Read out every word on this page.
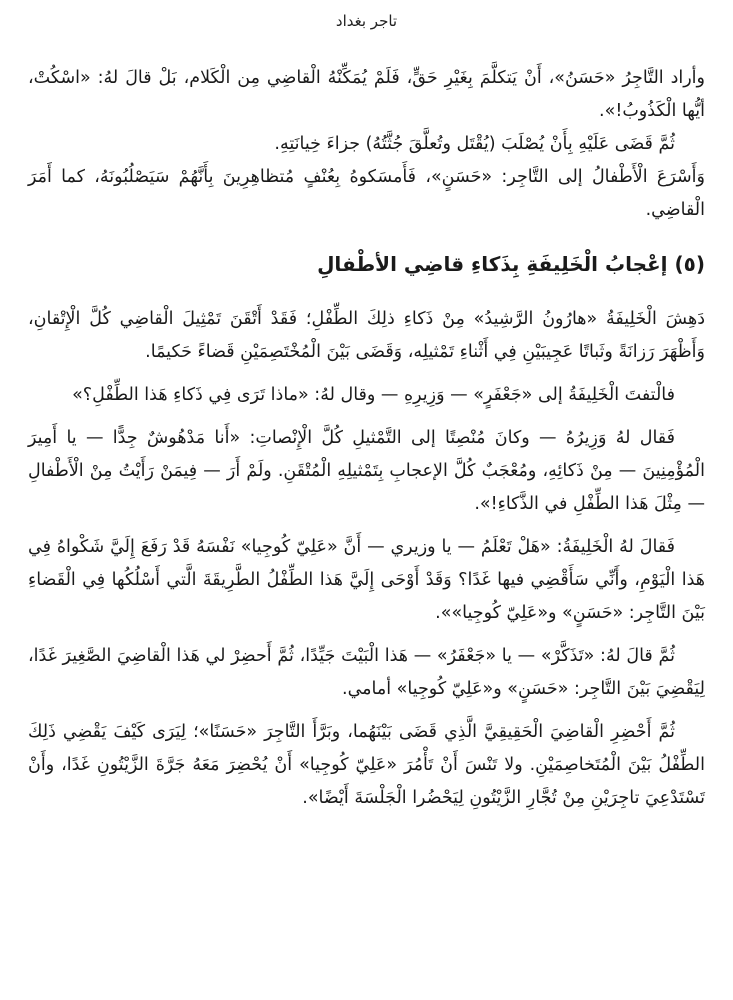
تاجر بغداد

وأراد التَّاجِرُ «حَسَنُ»، أَنْ يَتكلَّمَ بِغَيْرِ حَقٍّ، فَلَمْ يُمَكِّنْهُ الْقاضِي مِن الْكَلام، بَلْ قالَ لهُ: «اسْكُتْ، أيُّها الْكَذُوبُ!».

ثُمَّ قَضَى عَلَيْهِ بِأَنْ يُصْلَبَ (يُقْتَل وتُعلَّقَ جُثَّتُهُ) جزاءَ خِيانَتِهِ.

وَأَسْرَعَ الْأَطْفالُ إلى التَّاجِر: «حَسَنٍ»، فَأَمسَكوهُ بِعُنْفٍ مُتظاهِرِينَ بِأَنَّهُمْ سَيَصْلُبُونَهُ، كما أَمَرَ الْقاضِي.

(٥) إعْجابُ الْخَلِيفَةِ بِذَكاءِ قاضِي الأطْفالِ

دَهِشَ الْخَلِيفَةُ «هارُونُ الرَّشِيدُ» مِنْ ذَكاءِ ذلِكَ الطِّفْلِ؛ فَقَدْ أَتْقَنَ تَمْثِيلَ الْقاضِي كُلَّ الْإِتْقانِ، وَأَظْهَرَ رَزانَةً وثَباتًا عَجِيبَيْنِ فِي أَثْناءِ تَمْثيلِه، وَقَضَى بَيْنَ الْمُخْتَصِمَيْنِ قَضاءً حَكيمًا.

فالْتفتَ الْخَلِيفَةُ إلى «جَعْفَرٍ» — وَزِيرِهِ — وقال لهُ: «ماذا تَرَى فِي ذَكاءِ هَذا الطِّفْلِ؟»

فَقال لهُ وَزِيرُهُ — وكانَ مُنْصِتًا إلى التَّمْثيلِ كُلَّ الْإِنْصاتِ: «أَنا مَدْهُوشٌ جِدًّا — يا أَمِيرَ الْمُؤْمِنِينَ — مِنْ ذَكائِهِ، ومُعْجَبٌ كُلَّ الإعجابِ بِتَمْثيلِهِ الْمُتْقَنِ. ولَمْ أَرَ — فِيمَنْ رَأَيْتُ مِنْ الْأَطْفالِ — مِثْلَ هَذا الطِّفْلِ في الذَّكاءِ!».

فَقالَ لهُ الْخَلِيفَةُ: «هَلْ تَعْلَمُ — يا وزيري — أَنَّ «عَلِيّ كُوجِيا» نَفْسَهُ قَدْ رَفَعَ إِلَيَّ شَكْواهُ فِي هَذا الْيَوْمِ، وأَنِّي سَأَقْضِي فيها غَدًا؟ وَقَدْ أَوْحَى إِلَيَّ هَذا الطِّفْلُ الطَّرِيقَةَ الَّتي أَسْلُكُها فِي الْقَضاءِ بَيْنَ التَّاجِر: «حَسَنٍ» و«عَلِيّ كُوجِيا»».

ثُمَّ قالَ لهُ: «تَذَكَّرْ» — يا «جَعْفَرُ» — هَذا الْبَيْتَ جَيِّدًا، ثُمَّ أَحضِرْ لي هَذا الْقاضِيَ الصَّغِيرَ غَدًا، لِيَقْضِيَ بَيْنَ التَّاجِر: «حَسَنٍ» و«عَلِيّ كُوجِيا» أمامي.

ثُمَّ أَحْضِرِ الْقاضِيَ الْحَقِيقِيَّ الَّذِي قَضَى بَيْنَهُما، وبَرَّأَ التَّاجِرَ «حَسَنًا»؛ لِيَرَى كَيْفَ يَقْضِي ذَلِكَ الطِّفْلُ بَيْنَ الْمُتَخاصِمَيْنِ. ولا تَنْسَ أَنْ تَأْمُرَ «عَلِيّ كُوجِيا» أَنْ يُحْضِرَ مَعَهُ جَرَّةَ الزَّيْتُونِ غَدًا، وأَنْ تَسْتَدْعِيَ تاجِرَيْنِ مِنْ تُجَّارِ الزَّيْتُونِ لِيَحْضُرا الْجَلْسَةَ أَيْضًا».
